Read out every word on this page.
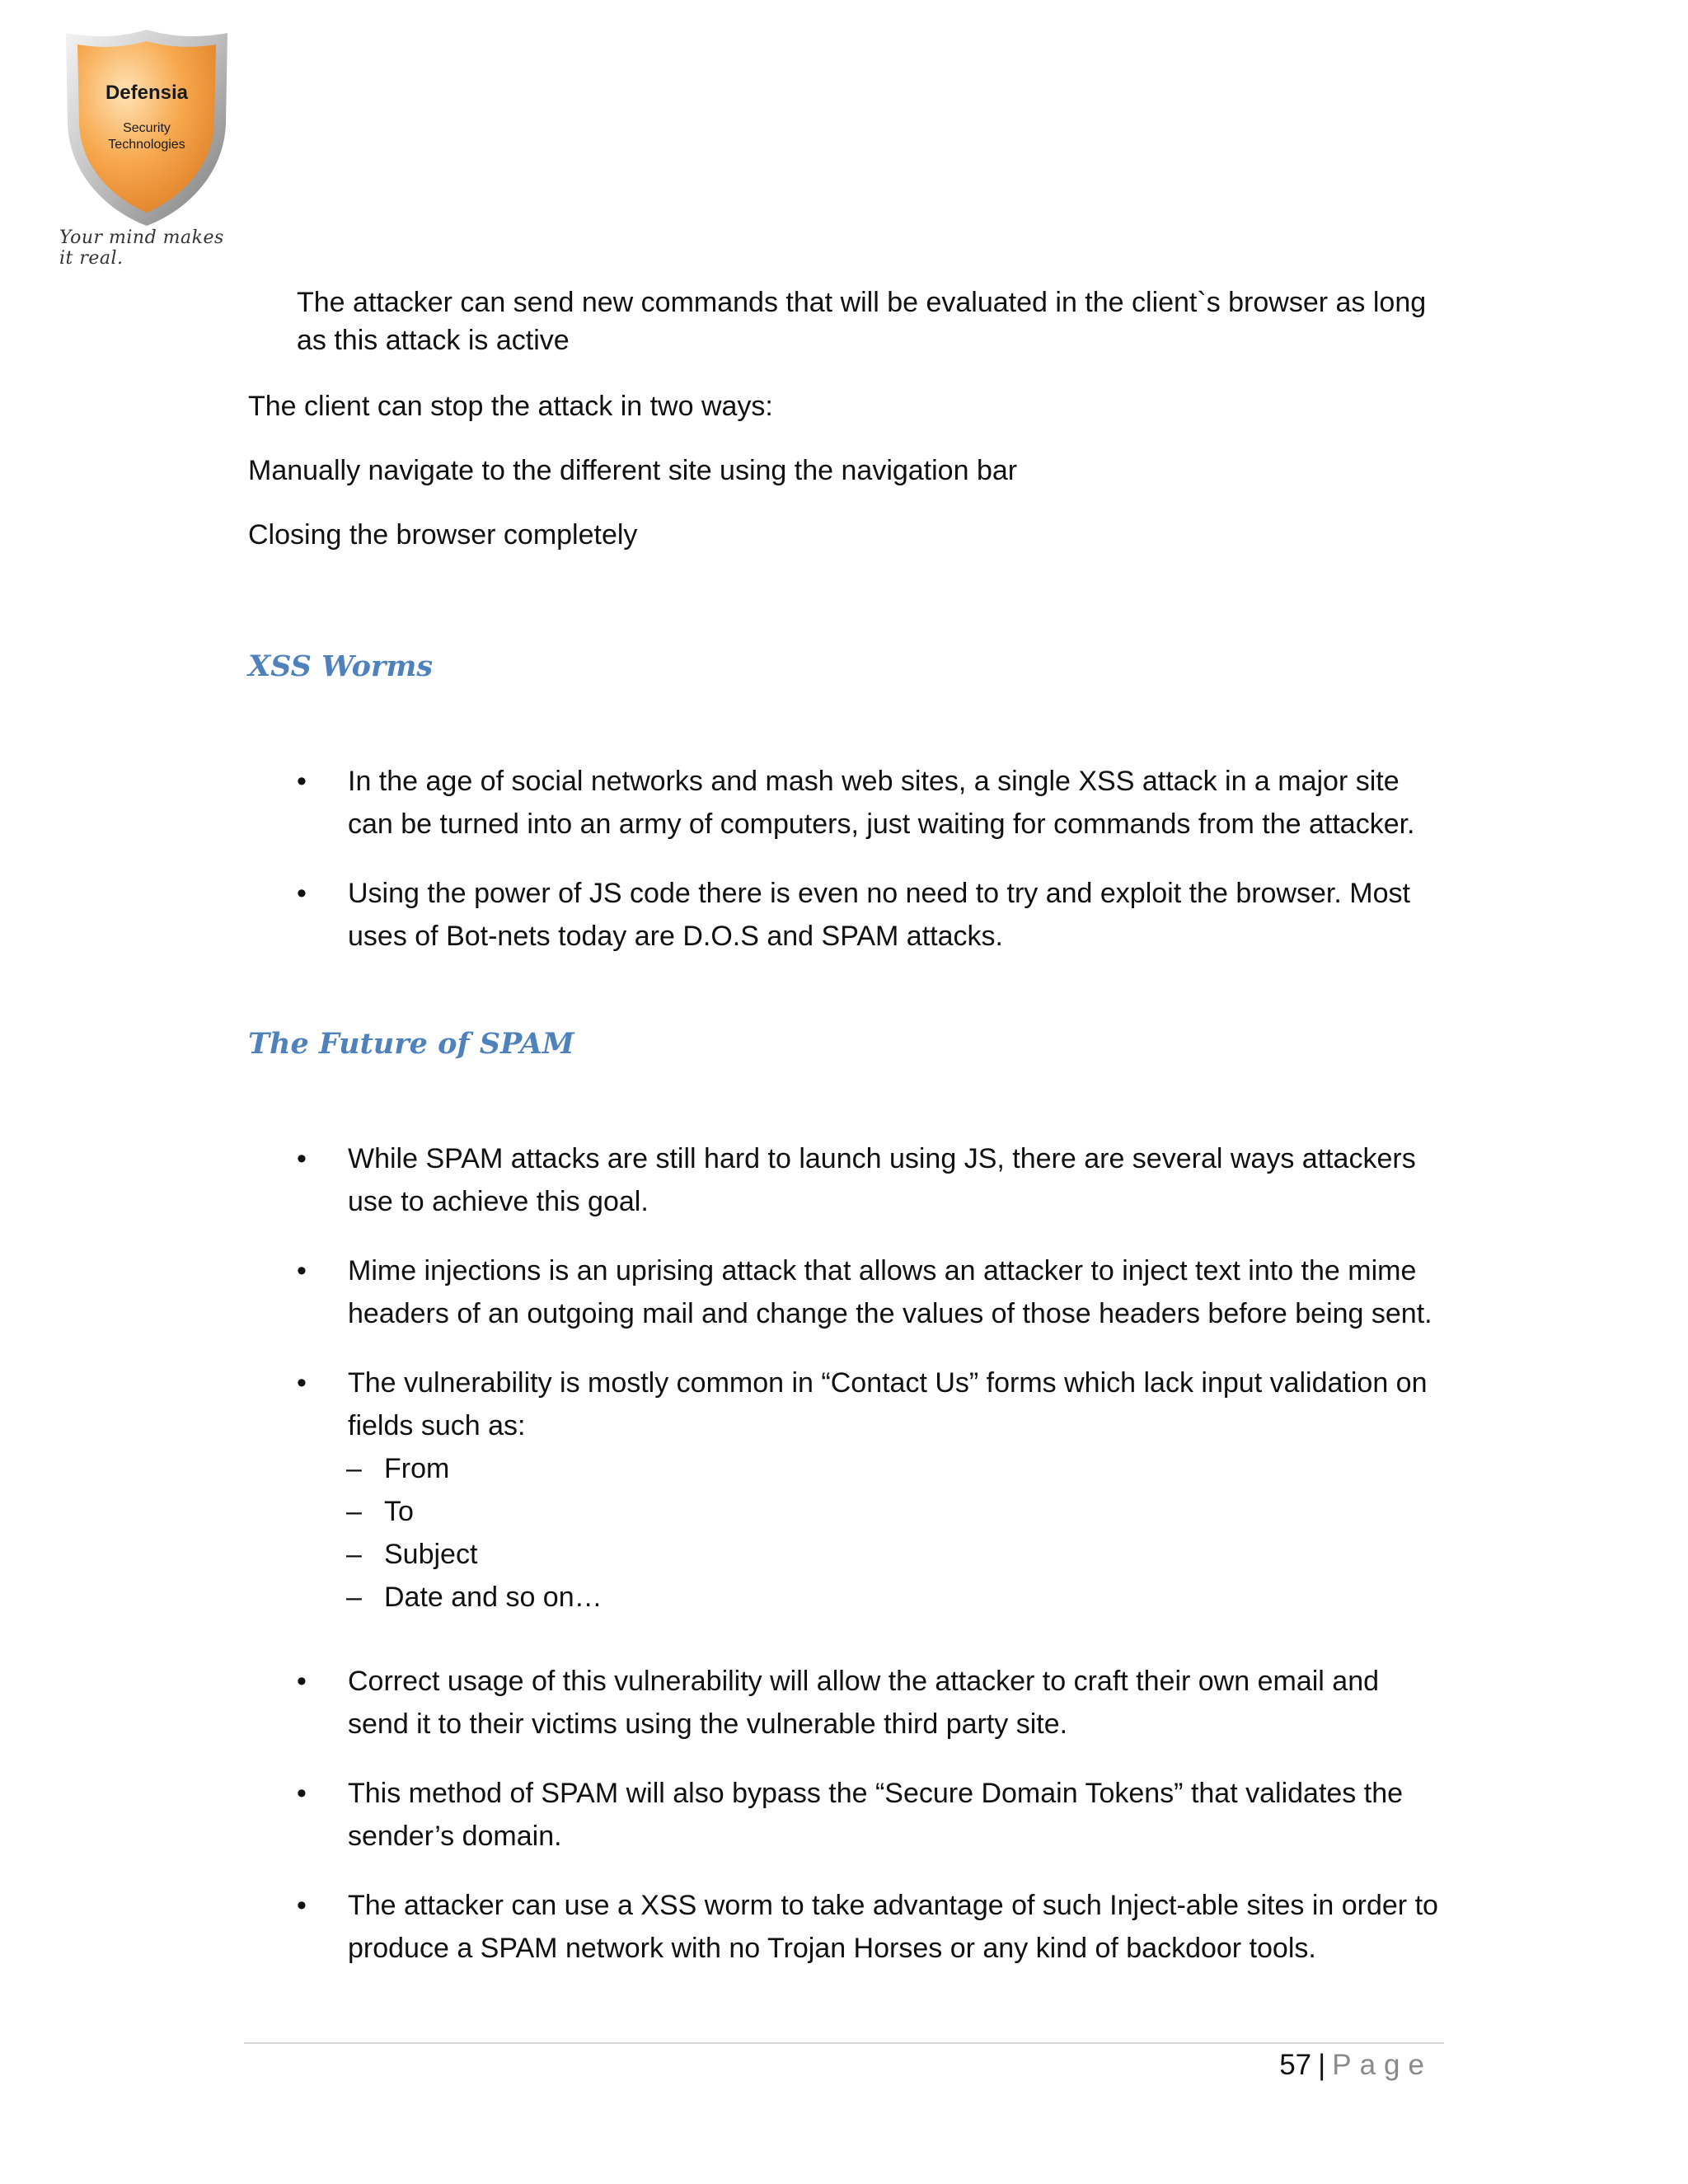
Defensia
Security
Technologies
Your mind makes it real.
The attacker can send new commands that will be evaluated in the client`s browser as long as this attack is active
The client can stop the attack in two ways:
Manually navigate to the different site using the navigation bar
Closing the browser completely
XSS Worms
•	In the age of social networks and mash web sites, a single XSS attack in a major site can be turned into an army of computers, just waiting for commands from the attacker.
•	Using the power of JS code there is even no need to try and exploit the browser. Most uses of Bot-nets today are D.O.S and SPAM attacks.
The Future of SPAM
•	While SPAM attacks are still hard to launch using JS, there are several ways attackers use to achieve this goal.
•	Mime injections is an uprising attack that allows an attacker to inject text into the mime headers of an outgoing mail and change the values of those headers before being sent.
•	The vulnerability is mostly common in “Contact Us” forms which lack input validation on fields such as:
– From
– To
– Subject
– Date and so on…
•	Correct usage of this vulnerability will allow the attacker to craft their own email and send it to their victims using the vulnerable third party site.
•	This method of SPAM will also bypass the “Secure Domain Tokens” that validates the sender’s domain.
•	The attacker can use a XSS worm to take advantage of such Inject-able sites in order to produce a SPAM network with no Trojan Horses or any kind of backdoor tools.
57 | Page
